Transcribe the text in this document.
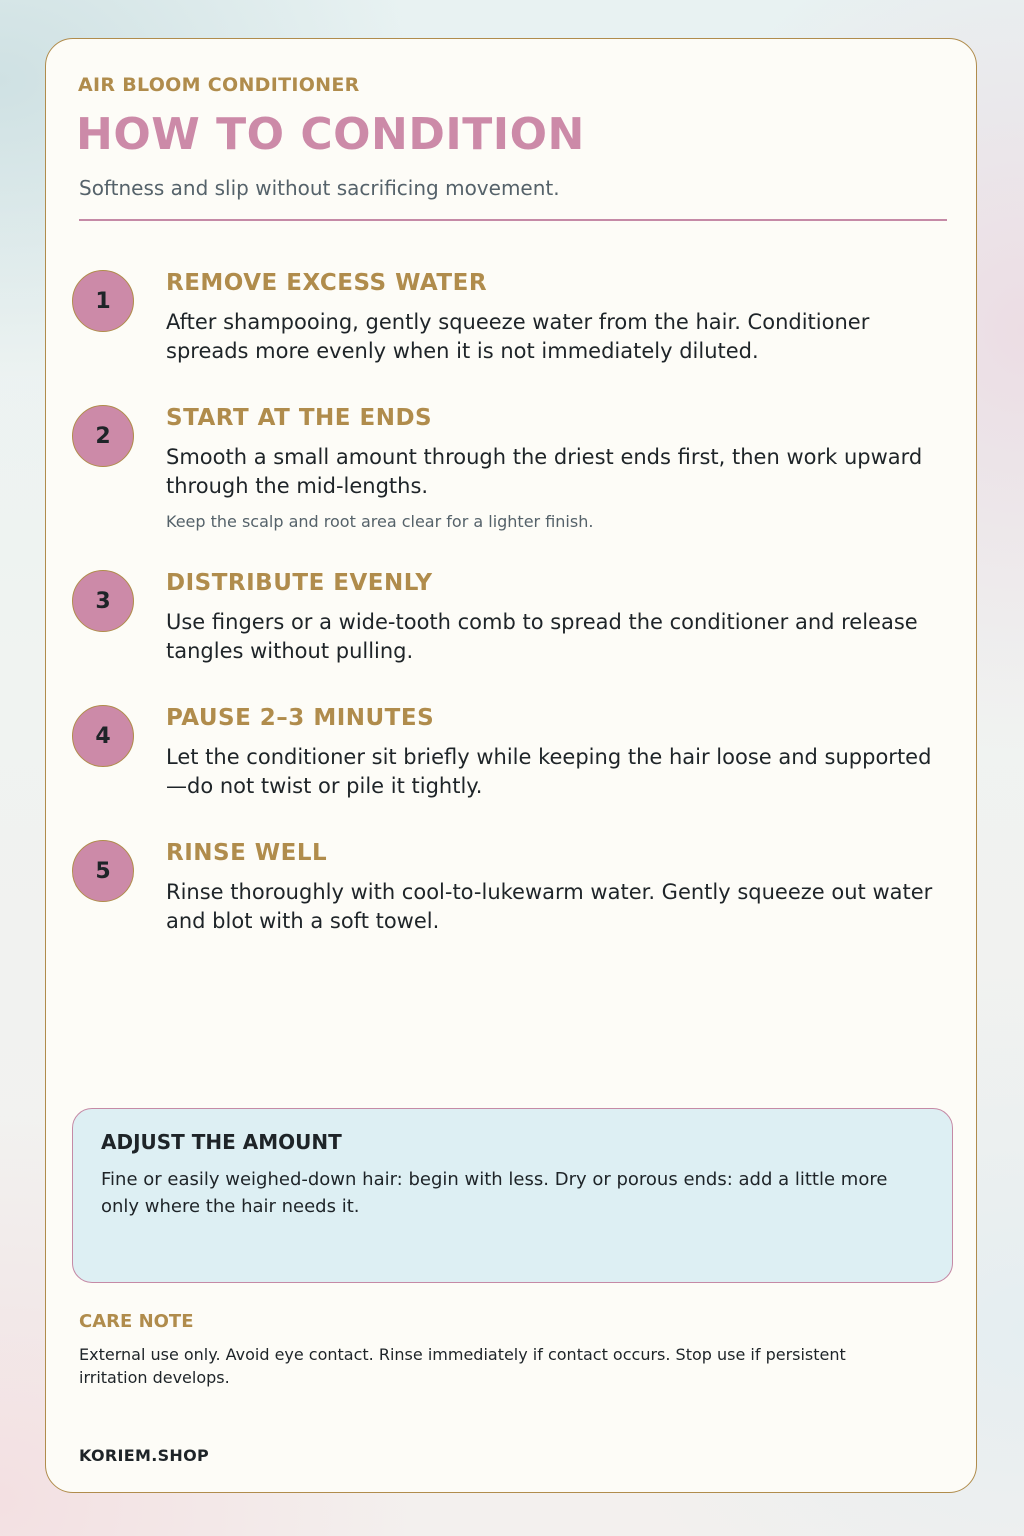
AIR BLOOM CONDITIONER
HOW TO CONDITION
Softness and slip without sacrificing movement.
1
REMOVE EXCESS WATER
After shampooing, gently squeeze water from the hair. Conditioner spreads more evenly when it is not immediately diluted.
2
START AT THE ENDS
Smooth a small amount through the driest ends first, then work upward through the mid-lengths.
Keep the scalp and root area clear for a lighter finish.
3
DISTRIBUTE EVENLY
Use fingers or a wide-tooth comb to spread the conditioner and release tangles without pulling.
4
PAUSE 2–3 MINUTES
Let the conditioner sit briefly while keeping the hair loose and supported—do not twist or pile it tightly.
5
RINSE WELL
Rinse thoroughly with cool-to-lukewarm water. Gently squeeze out water and blot with a soft towel.
ADJUST THE AMOUNT
Fine or easily weighed-down hair: begin with less. Dry or porous ends: add a little more only where the hair needs it.
CARE NOTE
External use only. Avoid eye contact. Rinse immediately if contact occurs. Stop use if persistent irritation develops.
KORIEM.SHOP
